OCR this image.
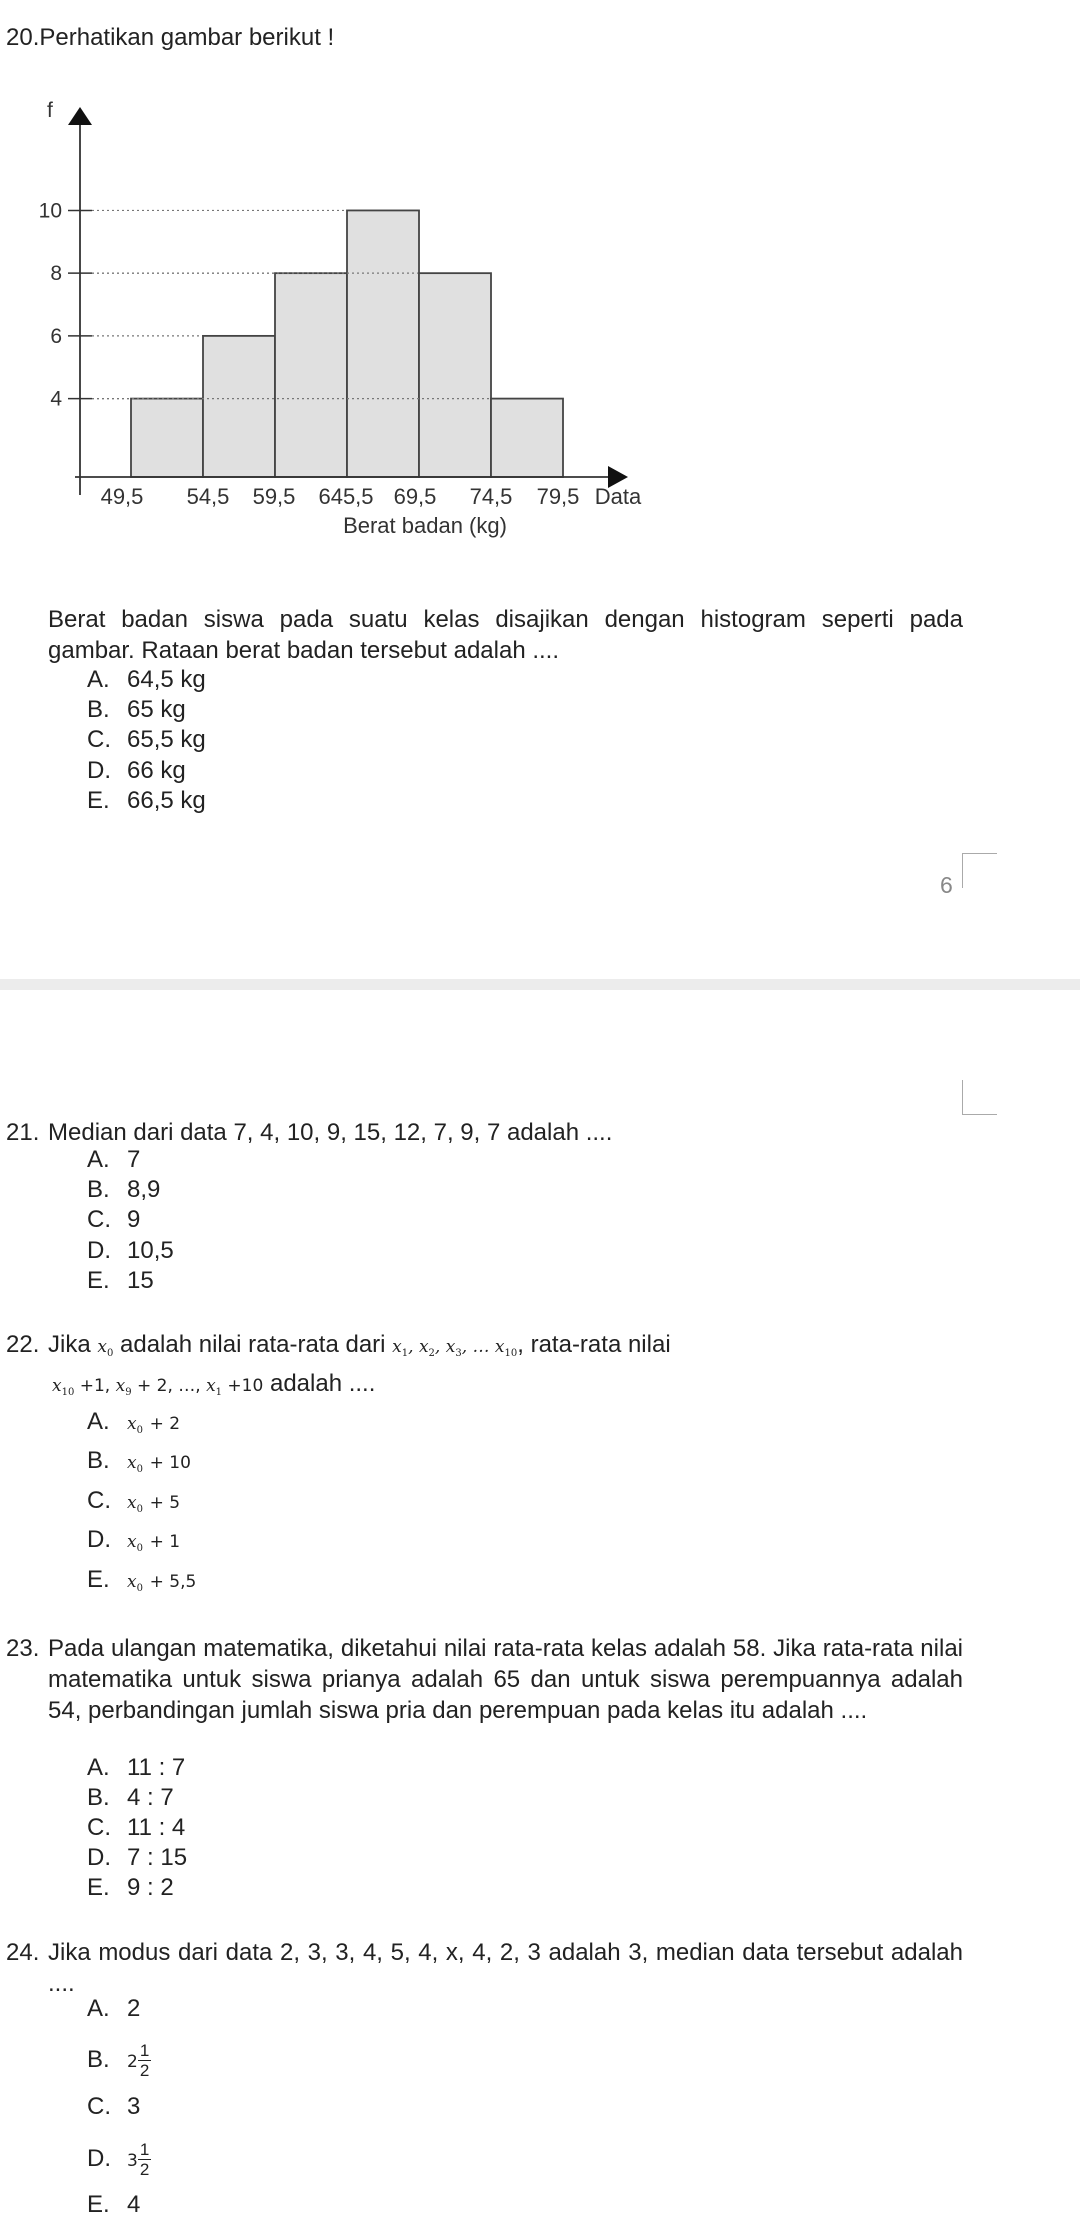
20.Perhatikan gambar berikut !
4
6
8
10
f
49,5 54,5 59,5 645,5 69,5 74,5 79,5 Data
Berat badan (kg)
Berat badan siswa pada suatu kelas disajikan dengan histogram seperti pada gambar. Rataan berat badan tersebut adalah ....
A. 64,5 kg
B. 65 kg
C. 65,5 kg
D. 66 kg
E. 66,5 kg
6
21. Median dari data 7, 4, 10, 9, 15, 12, 7, 9, 7 adalah ....
A. 7
B. 8,9
C. 9
D. 10,5
E. 15
22. Jika $x_0$ adalah nilai rata-rata dari $x_1$, $x_2$, $x_3$, … $x_{10}$, rata-rata nilai
$x_{10} +1$, $x_9 + 2$, …, $x_1 +10$ adalah ....
A. $x_0 + 2$
B. $x_0 + 10$
C. $x_0 + 5$
D. $x_0 + 1$
E. $x_0 + 5,5$
23. Pada ulangan matematika, diketahui nilai rata-rata kelas adalah 58. Jika rata-rata nilai matematika untuk siswa prianya adalah 65 dan untuk siswa perempuannya adalah 54, perbandingan jumlah siswa pria dan perempuan pada kelas itu adalah ....
A. 11 : 7
B. 4 : 7
C. 11 : 4
D. 7 : 15
E. 9 : 2
24. Jika modus dari data 2, 3, 3, 4, 5, 4, x, 4, 2, 3 adalah 3, median data tersebut adalah ....
A. 2
B. $2 \frac{1}{2}$
C. 3
D. $3 \frac{1}{2}$
E. 4
